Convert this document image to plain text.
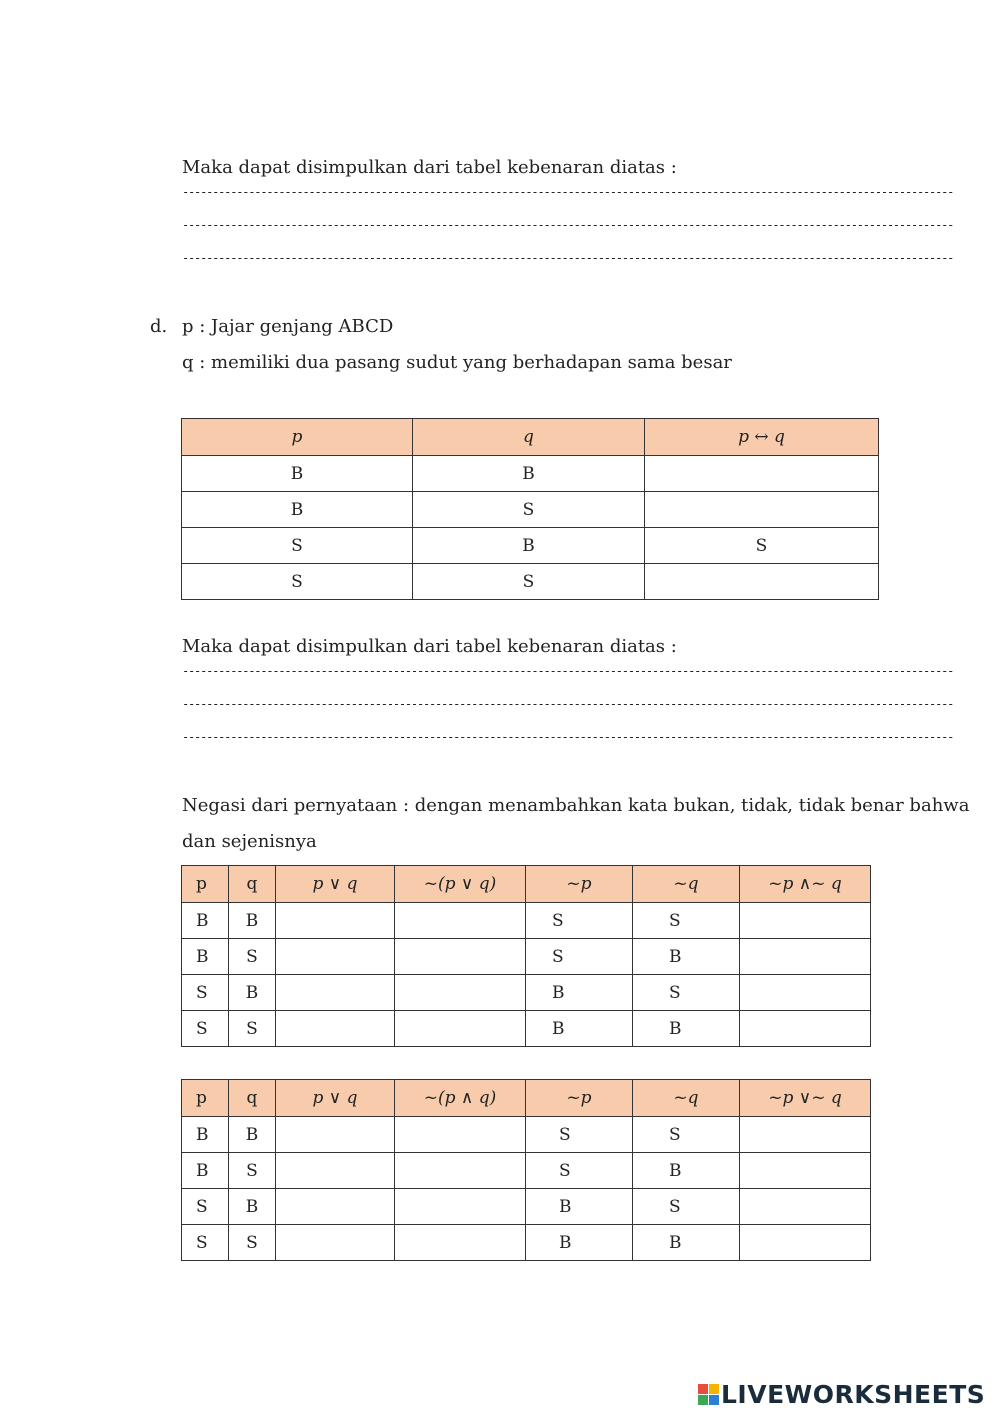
Maka dapat disimpulkan dari tabel kebenaran diatas :
--------------------------------------------------------------------------------------------------------------------------------
--------------------------------------------------------------------------------------------------------------------------------
--------------------------------------------------------------------------------------------------------------------------------
d. p : Jajar genjang ABCD
q : memiliki dua pasang sudut yang berhadapan sama besar
p	q	p ↔ q
B	B	
B	S	
S	B	S
S	S	
Maka dapat disimpulkan dari tabel kebenaran diatas :
--------------------------------------------------------------------------------------------------------------------------------
--------------------------------------------------------------------------------------------------------------------------------
--------------------------------------------------------------------------------------------------------------------------------
Negasi dari pernyataan : dengan menambahkan kata bukan, tidak, tidak benar bahwa
dan sejenisnya
p	q	p ∨ q	~(p ∨ q)	~p	~q	~p ∧~ q
B	B			S	S	
B	S			S	B	
S	B			B	S	
S	S			B	B	
p	q	p ∨ q	~(p ∧ q)	~p	~q	~p ∨~ q
B	B			S	S	
B	S			S	B	
S	B			B	S	
S	S			B	B	
LIVEWORKSHEETS
